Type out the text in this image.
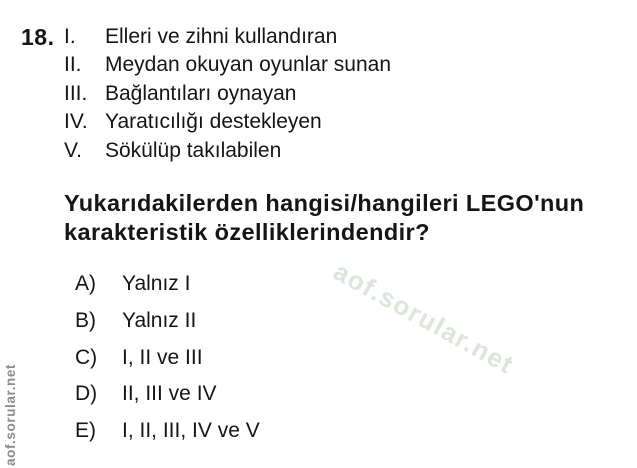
aof.sorular.net
aof.sorular.net
18. I.	Elleri ve zihni kullandıran
II.	Meydan okuyan oyunlar sunan
III. Bağlantıları oynayan
IV. Yaratıcılığı destekleyen
V.	Sökülüp takılabilen
Yukarıdakilerden hangisi/hangileri LEGO'nun
karakteristik özelliklerindendir?
A)	Yalnız I
B)	Yalnız II
C)	I, II ve III
D)	II, III ve IV
E)	I, II, III, IV ve V
